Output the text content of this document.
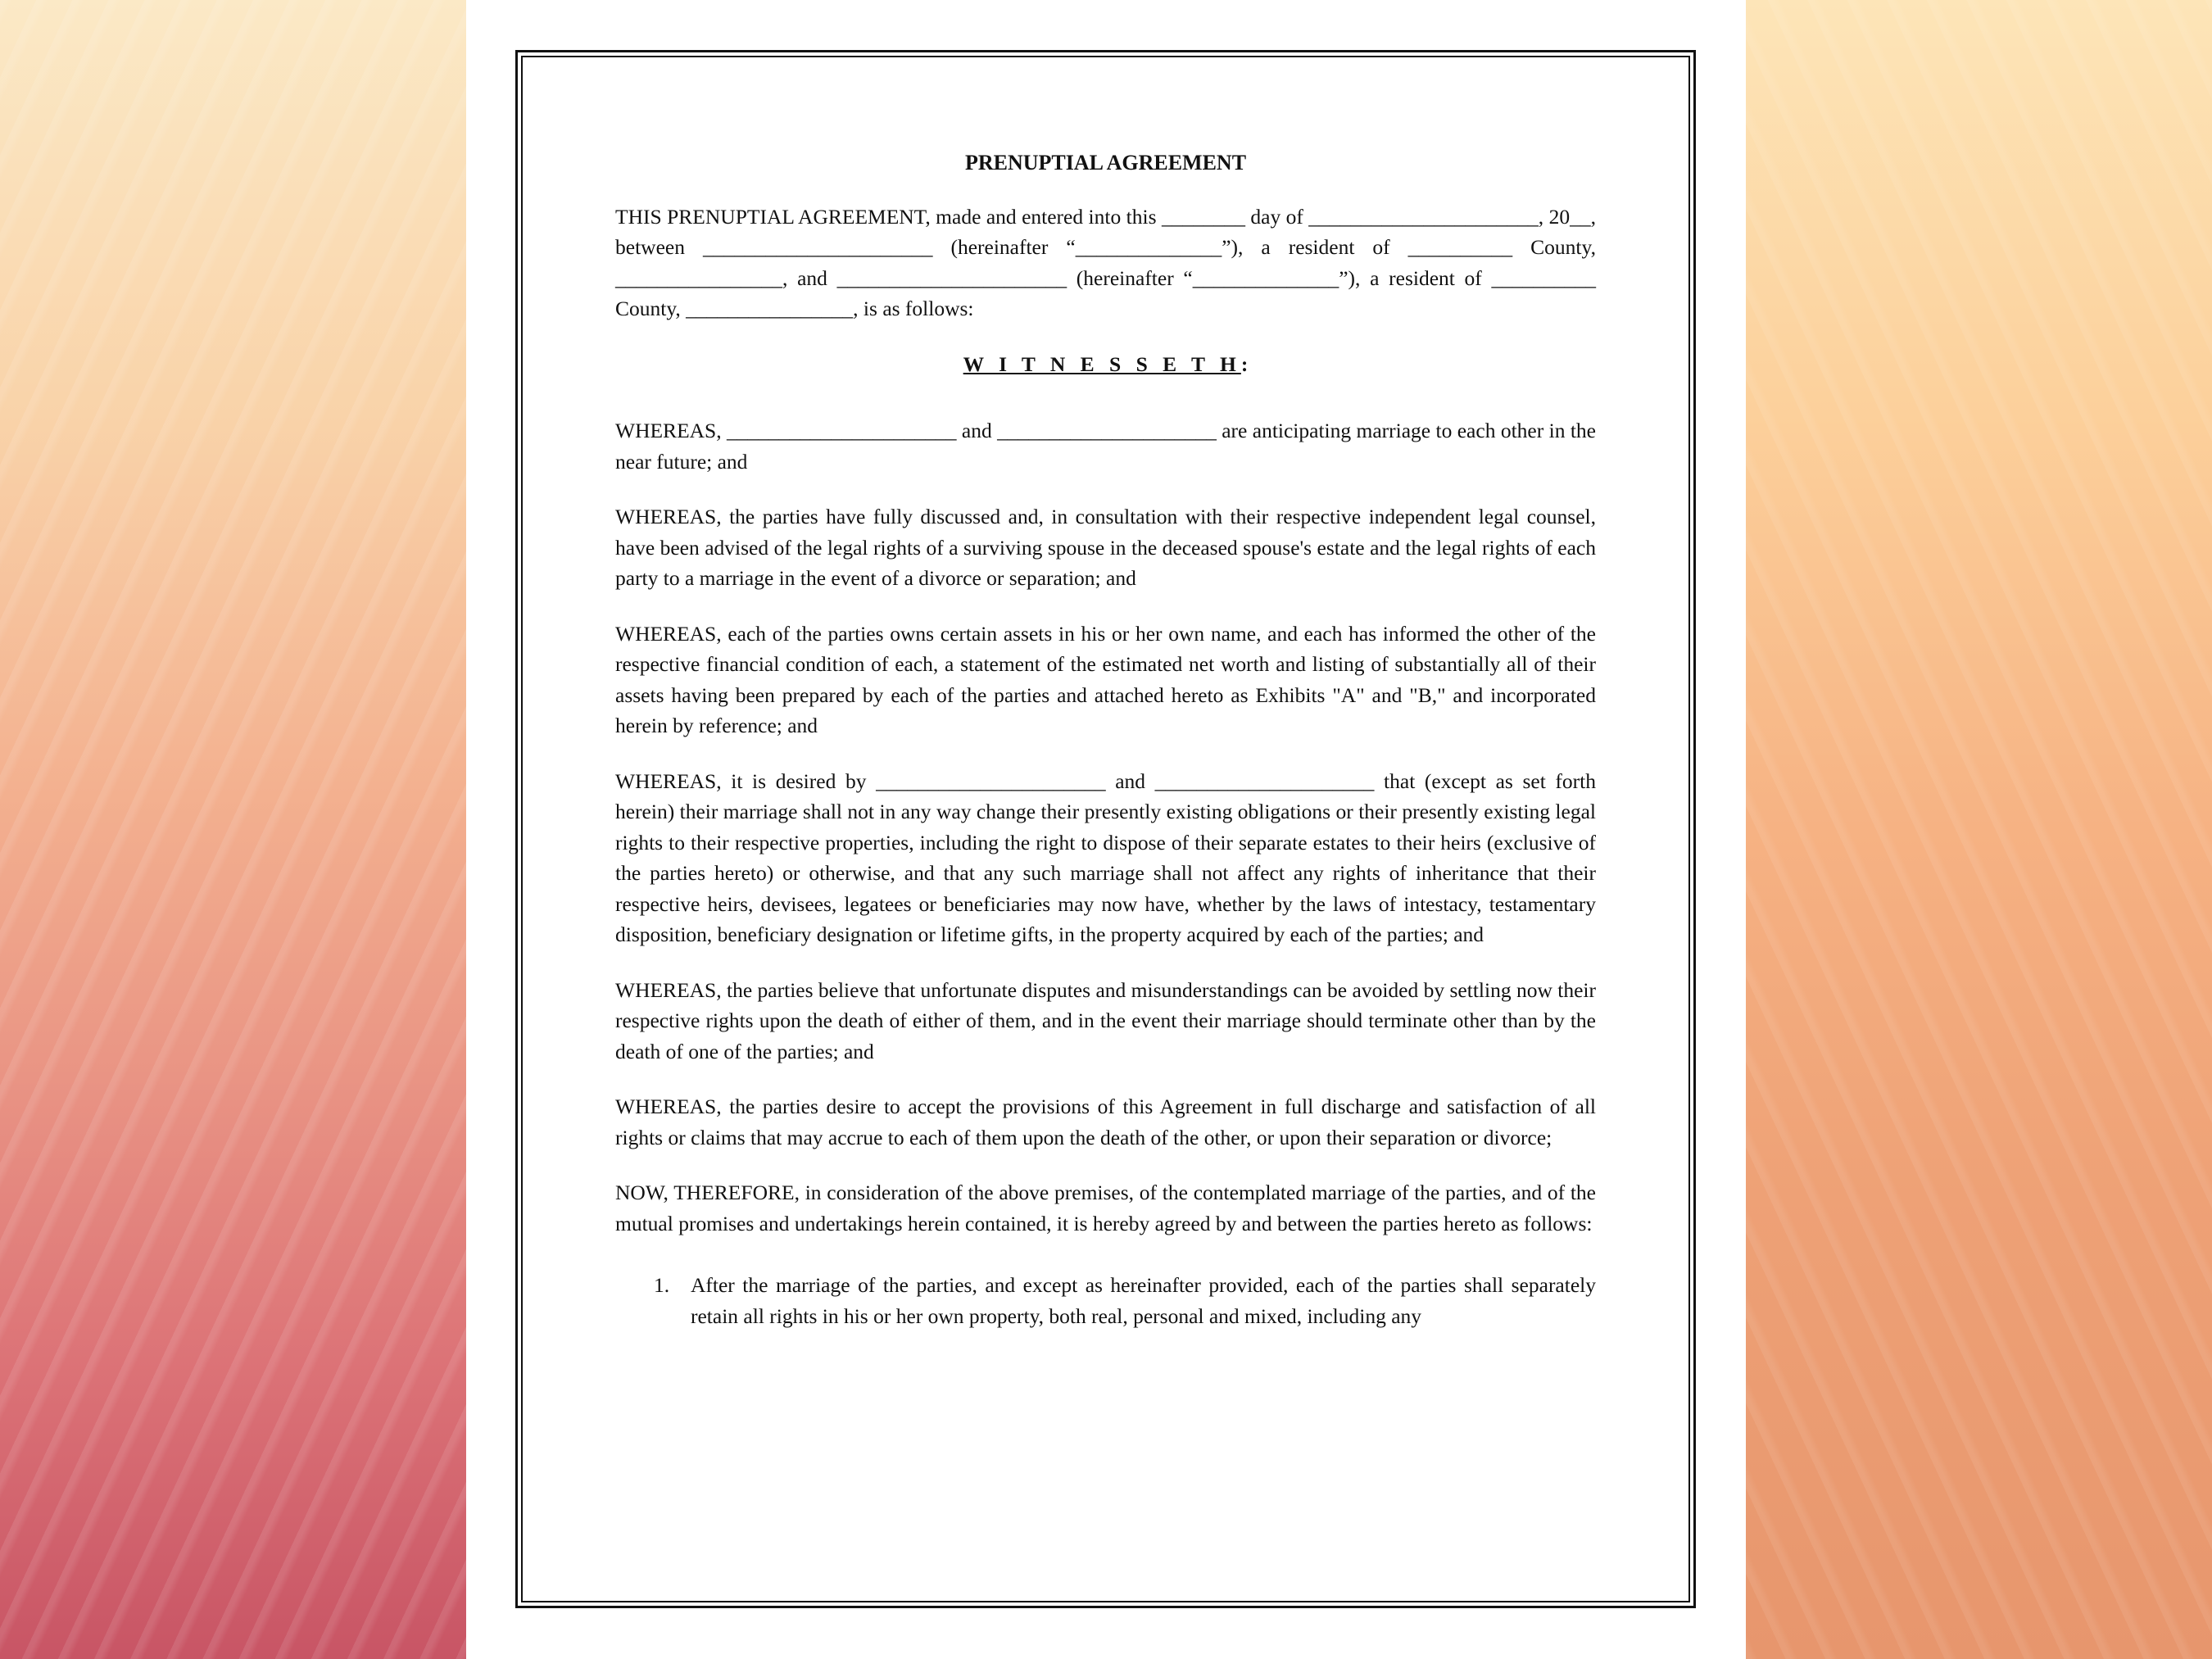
PRENUPTIAL AGREEMENT
THIS PRENUPTIAL AGREEMENT, made and entered into this ________ day of ______________________, 20__, between ______________________ (hereinafter “______________”), a resident of __________ County, ________________, and ______________________ (hereinafter “______________”), a resident of __________ County, ________________, is as follows:
W I T N E S S E T H:
WHEREAS, ______________________ and _____________________ are anticipating marriage to each other in the near future; and
WHEREAS, the parties have fully discussed and, in consultation with their respective independent legal counsel, have been advised of the legal rights of a surviving spouse in the deceased spouse's estate and the legal rights of each party to a marriage in the event of a divorce or separation; and
WHEREAS, each of the parties owns certain assets in his or her own name, and each has informed the other of the respective financial condition of each, a statement of the estimated net worth and listing of substantially all of their assets having been prepared by each of the parties and attached hereto as Exhibits "A" and "B," and incorporated herein by reference; and
WHEREAS, it is desired by ______________________ and _____________________ that (except as set forth herein) their marriage shall not in any way change their presently existing obligations or their presently existing legal rights to their respective properties, including the right to dispose of their separate estates to their heirs (exclusive of the parties hereto) or otherwise, and that any such marriage shall not affect any rights of inheritance that their respective heirs, devisees, legatees or beneficiaries may now have, whether by the laws of intestacy, testamentary disposition, beneficiary designation or lifetime gifts, in the property acquired by each of the parties; and
WHEREAS, the parties believe that unfortunate disputes and misunderstandings can be avoided by settling now their respective rights upon the death of either of them, and in the event their marriage should terminate other than by the death of one of the parties; and
WHEREAS, the parties desire to accept the provisions of this Agreement in full discharge and satisfaction of all rights or claims that may accrue to each of them upon the death of the other, or upon their separation or divorce;
NOW, THEREFORE, in consideration of the above premises, of the contemplated marriage of the parties, and of the mutual promises and undertakings herein contained, it is hereby agreed by and between the parties hereto as follows:
1. After the marriage of the parties, and except as hereinafter provided, each of the parties shall separately retain all rights in his or her own property, both real, personal and mixed, including any
